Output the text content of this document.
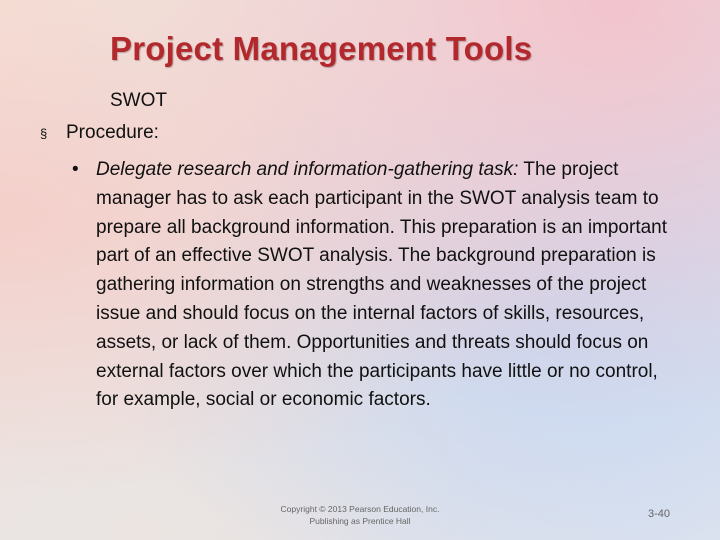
Project Management Tools
SWOT
§ Procedure:
• Delegate research and information-gathering task: The project manager has to ask each participant in the SWOT analysis team to prepare all background information. This preparation is an important part of an effective SWOT analysis. The background preparation is gathering information on strengths and weaknesses of the project issue and should focus on the internal factors of skills, resources, assets, or lack of them. Opportunities and threats should focus on external factors over which the participants have little or no control, for example, social or economic factors.
Copyright © 2013 Pearson Education, Inc.
Publishing as Prentice Hall
3-40
